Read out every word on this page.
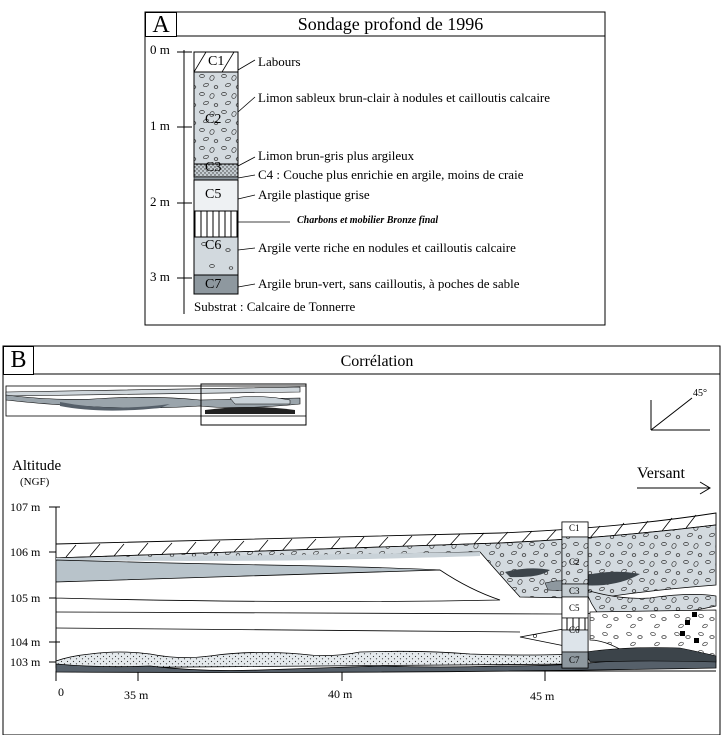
A	Sondage profond de 1996
0 m
1 m
2 m
3 m
C1
C2
C3
C5
C6
C7
Labours
Limon sableux brun-clair à nodules et cailloutis calcaire
Limon brun-gris plus argileux
C4 : Couche plus enrichie en argile, moins de craie
Argile plastique grise
Charbons et mobilier Bronze final
Argile verte riche en nodules et cailloutis calcaire
Argile brun-vert, sans cailloutis, à poches de sable
Substrat : Calcaire de Tonnerre
B	Corrélation
45°
Altitude
(NGF)	Versant
107 m
106 m
105 m
104 m
103 m
0	35 m	40 m	45 m
C1
C2
C3
C5
C6
C7
